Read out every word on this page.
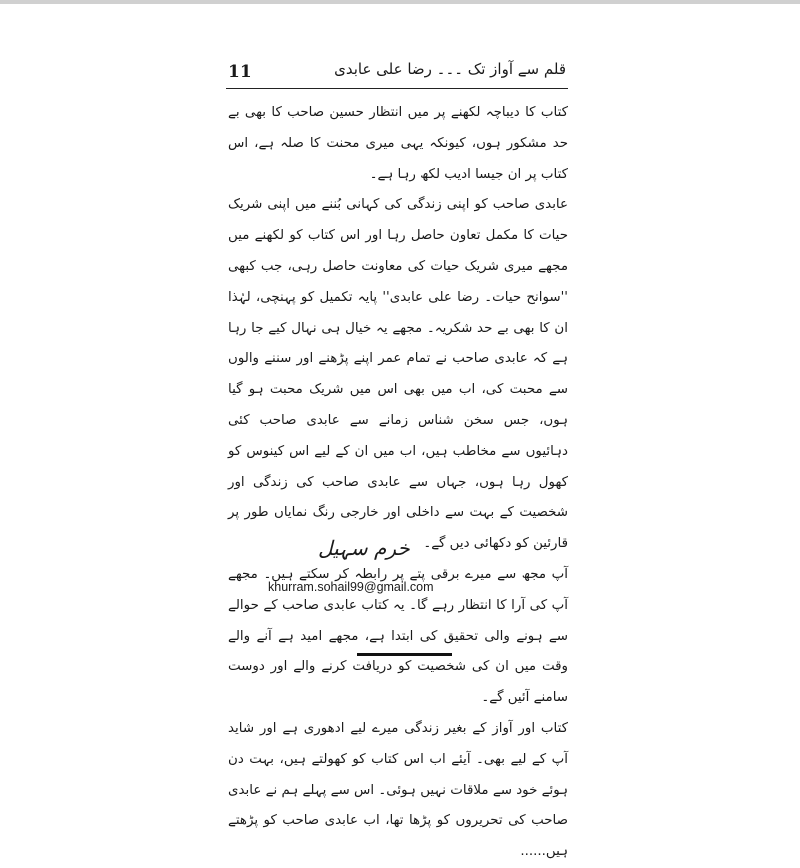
11	قلم سے آواز تک ۔۔۔ رضا علی عابدی

کتاب کا دیباچہ لکھنے پر میں انتظار حسین صاحب کا بھی بے حد مشکور ہوں، کیونکہ یہی میری محنت کا صلہ ہے، اس کتاب پر ان جیسا ادیب لکھ رہا ہے۔

عابدی صاحب کو اپنی زندگی کی کہانی بُننے میں اپنی شریک حیات کا مکمل تعاون حاصل رہا اور اس کتاب کو لکھنے میں مجھے میری شریک حیات کی معاونت حاصل رہی، جب کبھی ''سوانح حیات۔ رضا علی عابدی'' پایہ تکمیل کو پہنچی، لہٰذا ان کا بھی بے حد شکریہ۔ مجھے یہ خیال ہی نہال کیے جا رہا ہے کہ عابدی صاحب نے تمام عمر اپنے پڑھنے اور سننے والوں سے محبت کی، اب میں بھی اس میں شریک محبت ہو گیا ہوں، جس سخن شناس زمانے سے عابدی صاحب کئی دہائیوں سے مخاطب ہیں، اب میں ان کے لیے اس کینوس کو کھول رہا ہوں، جہاں سے عابدی صاحب کی زندگی اور شخصیت کے بہت سے داخلی اور خارجی رنگ نمایاں طور پر قارئین کو دکھائی دیں گے۔

آپ مجھ سے میرے برقی پتے پر رابطہ کر سکتے ہیں۔ مجھے آپ کی آرا کا انتظار رہے گا۔ یہ کتاب عابدی صاحب کے حوالے سے ہونے والی تحقیق کی ابتدا ہے، مجھے امید ہے آنے والے وقت میں ان کی شخصیت کو دریافت کرنے والے اور دوست سامنے آئیں گے۔

کتاب اور آواز کے بغیر زندگی میرے لیے ادھوری ہے اور شاید آپ کے لیے بھی۔ آیئے اب اس کتاب کو کھولتے ہیں، بہت دن ہوئے خود سے ملاقات نہیں ہوئی۔ اس سے پہلے ہم نے عابدی صاحب کی تحریروں کو پڑھا تھا، اب عابدی صاحب کو پڑھتے ہیں......

خرم سہیل
khurram.sohail99@gmail.com
